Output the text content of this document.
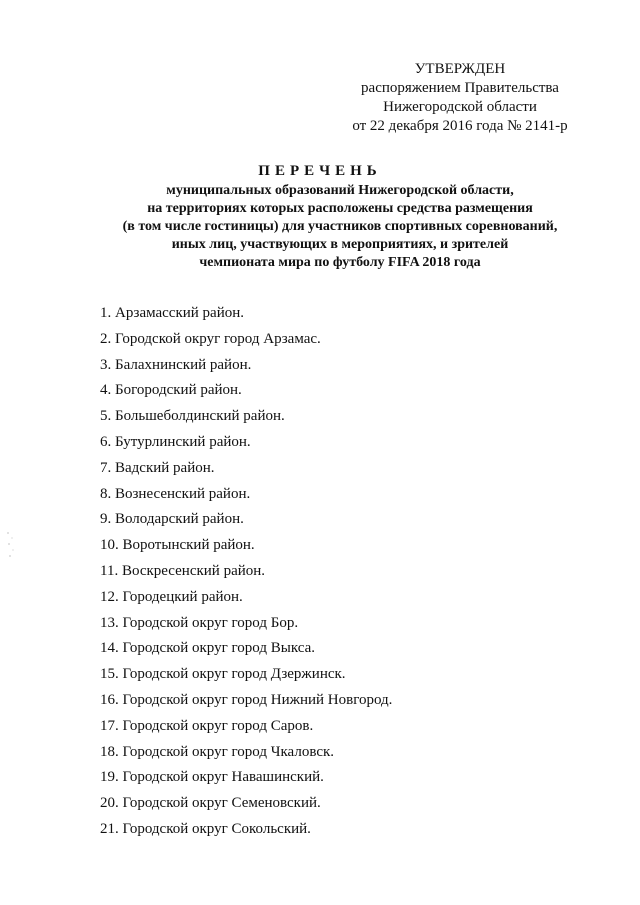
УТВЕРЖДЕН
распоряжением Правительства
Нижегородской области
от 22 декабря 2016 года № 2141-р
ПЕРЕЧЕНЬ
муниципальных образований Нижегородской области,
на территориях которых расположены средства размещения
(в том числе гостиницы) для участников спортивных соревнований,
иных лиц, участвующих в мероприятиях, и зрителей
чемпионата мира по футболу FIFA 2018 года
1. Арзамасский район.
2. Городской округ город Арзамас.
3. Балахнинский район.
4. Богородский район.
5. Большеболдинский район.
6. Бутурлинский район.
7. Вадский район.
8. Вознесенский район.
9. Володарский район.
10. Воротынский район.
11. Воскресенский район.
12. Городецкий район.
13. Городской округ город Бор.
14. Городской округ город Выкса.
15. Городской округ город Дзержинск.
16. Городской округ город Нижний Новгород.
17. Городской округ город Саров.
18. Городской округ город Чкаловск.
19. Городской округ Навашинский.
20. Городской округ Семеновский.
21. Городской округ Сокольский.
